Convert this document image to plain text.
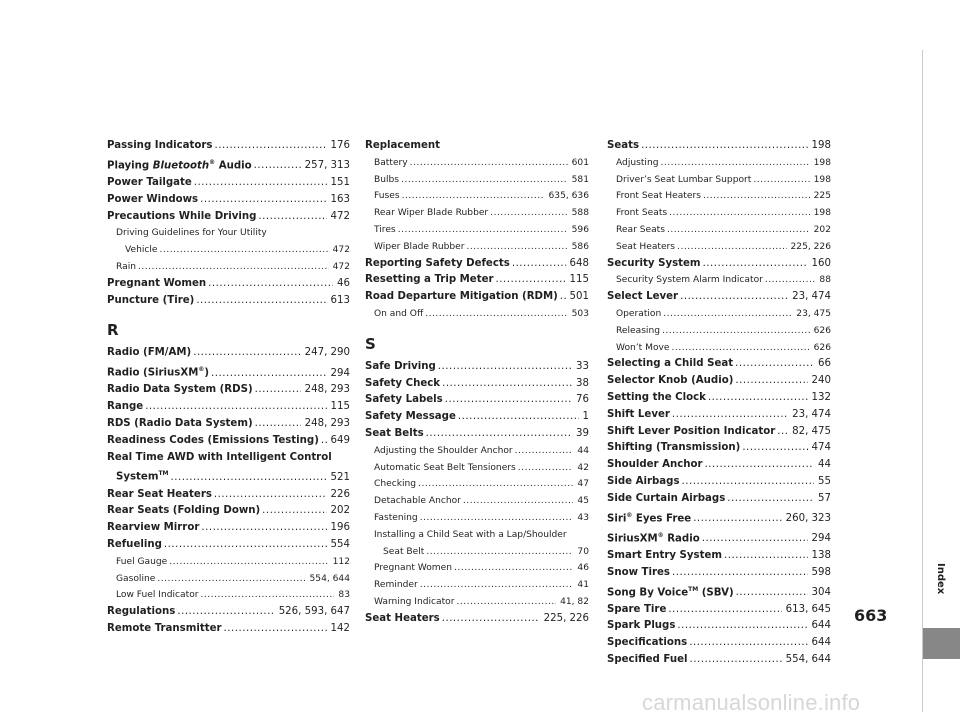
Passing Indicators .....	176
Playing Bluetooth® Audio .....	257, 313
Power Tailgate .....	151
Power Windows .....	163
Precautions While Driving .....	472
Driving Guidelines for Your Utility
Vehicle .....	472
Rain .....	472
Pregnant Women .....	46
Puncture (Tire) .....	613
R
Radio (FM/AM) .....	247, 290
Radio (SiriusXM®) .....	294
Radio Data System (RDS) .....	248, 293
Range .....	115
RDS (Radio Data System) .....	248, 293
Readiness Codes (Emissions Testing) ..... 649
Real Time AWD with Intelligent Control
System™ .....	521
Rear Seat Heaters .....	226
Rear Seats (Folding Down) .....	202
Rearview Mirror .....	196
Refueling .....	554
Fuel Gauge .....	112
Gasoline .....	554, 644
Low Fuel Indicator .....	83
Regulations .....	526, 593, 647
Remote Transmitter .....	142
Replacement
Battery .....	601
Bulbs .....	581
Fuses .....	635, 636
Rear Wiper Blade Rubber .....	588
Tires .....	596
Wiper Blade Rubber .....	586
Reporting Safety Defects .....	648
Resetting a Trip Meter .....	115
Road Departure Mitigation (RDM) ..... 501
On and Off .....	503
S
Safe Driving .....	33
Safety Check .....	38
Safety Labels .....	76
Safety Message .....	1
Seat Belts .....	39
Adjusting the Shoulder Anchor .....	44
Automatic Seat Belt Tensioners .....	42
Checking .....	47
Detachable Anchor .....	45
Fastening .....	43
Installing a Child Seat with a Lap/Shoulder
Seat Belt .....	70
Pregnant Women .....	46
Reminder .....	41
Warning Indicator .....	41, 82
Seat Heaters .....	225, 226
Seats .....	198
Adjusting .....	198
Driver’s Seat Lumbar Support .....	198
Front Seat Heaters .....	225
Front Seats .....	198
Rear Seats .....	202
Seat Heaters .....	225, 226
Security System .....	160
Security System Alarm Indicator .....	88
Select Lever .....	23, 474
Operation .....	23, 475
Releasing .....	626
Won’t Move .....	626
Selecting a Child Seat .....	66
Selector Knob (Audio) .....	240
Setting the Clock .....	132
Shift Lever .....	23, 474
Shift Lever Position Indicator ..... 82, 475
Shifting (Transmission) .....	474
Shoulder Anchor .....	44
Side Airbags .....	55
Side Curtain Airbags .....	57
Siri® Eyes Free .....	260, 323
SiriusXM® Radio .....	294
Smart Entry System .....	138
Snow Tires .....	598
Song By Voice™ (SBV) .....	304
Spare Tire .....	613, 645
Spark Plugs .....	644
Specifications .....	644
Specified Fuel .....	554, 644
Index
663
carmanualsonline.info
